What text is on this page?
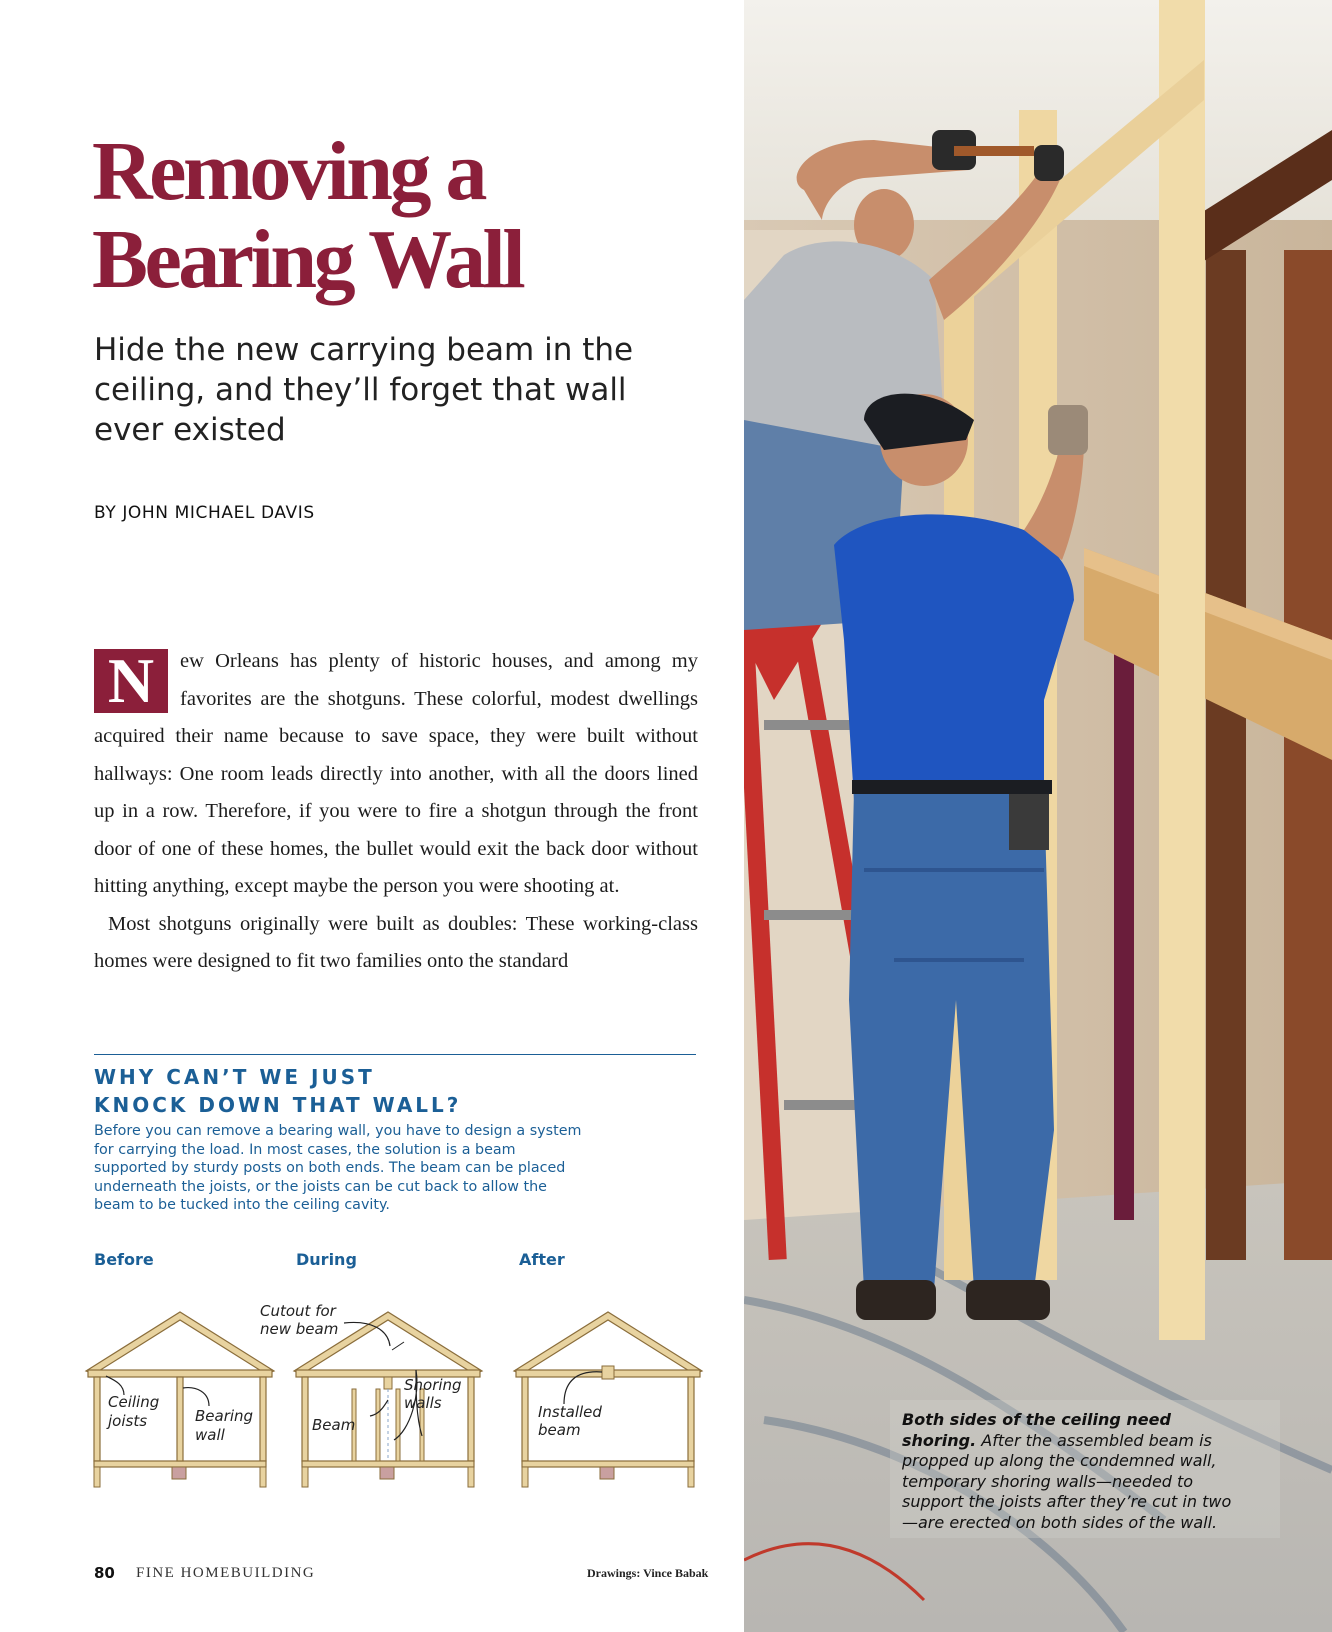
Removing a
Bearing Wall

Hide the new carrying beam in the ceiling, and they’ll forget that wall ever existed

BY JOHN MICHAEL DAVIS

N	ew Orleans has plenty of historic houses, and among my favorites are the shotguns. These colorful, modest dwellings acquired their name because to save space, they were built without hallways: One room leads directly into another, with all the doors lined up in a row. Therefore, if you were to fire a shotgun through the front door of one of these homes, the bullet would exit the back door without hitting anything, except maybe the person you were shooting at.

Most shotguns originally were built as doubles: These working-class homes were designed to fit two families onto the standard

WHY CAN’T WE JUST
KNOCK DOWN THAT WALL?

Before you can remove a bearing wall, you have to design a system for carrying the load. In most cases, the solution is a beam supported by sturdy posts on both ends. The beam can be placed underneath the joists, or the joists can be cut back to allow the beam to be tucked into the ceiling cavity.

Before	During	After
Ceiling
joists	Bearing
wall
Cutout for
new beam
Shoring
walls
Beam
Installed
beam
80 FINE HOMEBUILDING	Drawings: Vince Babak

Both sides of the ceiling need shoring. After the assembled beam is propped up along the condemned wall, temporary shoring walls—needed to support the joists after they’re cut in two—are erected on both sides of the wall.
